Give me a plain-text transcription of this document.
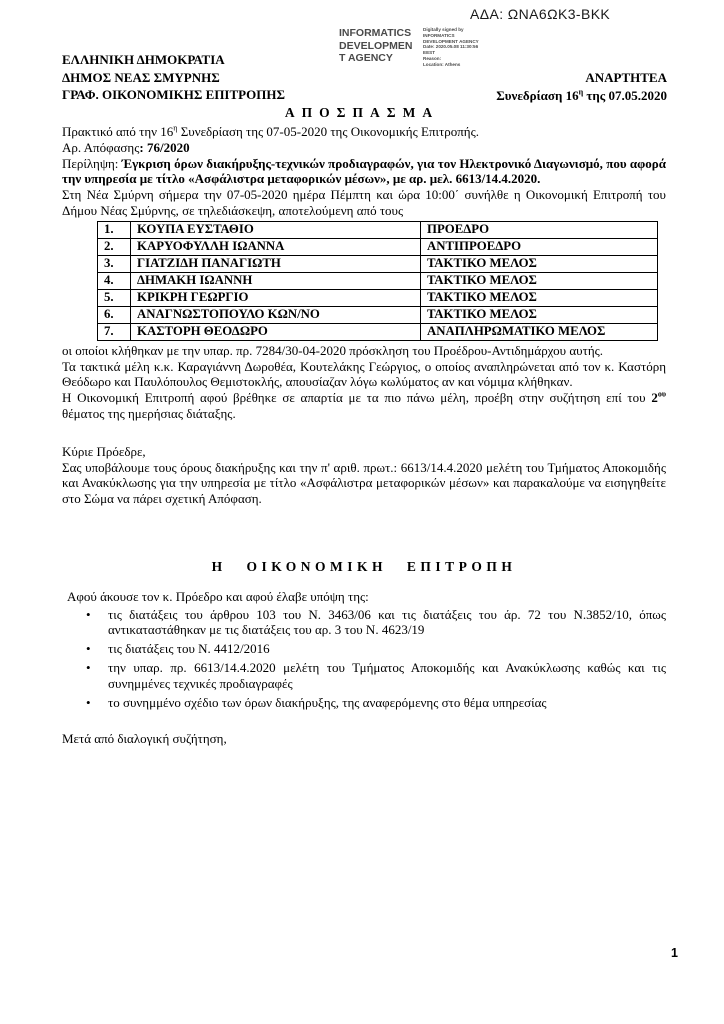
ΑΔΑ: ΩΝΑ6ΩΚ3-ΒΚΚ
INFORMATICS
DEVELOPMEN
T AGENCY
Digitally signed by
INFORMATICS
DEVELOPMENT AGENCY
Date: 2020.05.08 11:30:56
EEST
Reason:
Location: Athens
ΕΛΛΗΝΙΚΗ ΔΗΜΟΚΡΑΤΙΑ
ΔΗΜΟΣ ΝΕΑΣ ΣΜΥΡΝΗΣ
ΓΡΑΦ. ΟΙΚΟΝΟΜΙΚΗΣ ΕΠΙΤΡΟΠΗΣ
ΑΝΑΡΤΗΤΕΑ
Συνεδρίαση $16^\eta$ της 07.05.2020
ΑΠΟΣΠΑΣΜΑ

Πρακτικό από την $16^\eta$ Συνεδρίαση της 07-05-2020 της Οικονομικής Επιτροπής.

Αρ. Απόφασης: 76/2020

Περίληψη: Έγκριση όρων διακήρυξης-τεχνικών προδιαγραφών, για τον Ηλεκτρονικό Διαγωνισμό, που αφορά την υπηρεσία με τίτλο «Ασφάλιστρα μεταφορικών μέσων», με αρ. μελ. 6613/14.4.2020.

Στη Νέα Σμύρνη σήμερα την 07-05-2020 ημέρα Πέμπτη και ώρα 10:00΄ συνήλθε η Οικονομική Επιτροπή του Δήμου Νέας Σμύρνης, σε τηλεδιάσκεψη, αποτελούμενη από τους

1.	ΚΟΥΠΑ ΕΥΣΤΑΘΙΟ	ΠΡΟΕΔΡΟ
2.	ΚΑΡΥΟΦΥΛΛΗ ΙΩΑΝΝΑ	ΑΝΤΙΠΡΟΕΔΡΟ
3.	ΓΙΑΤΖΙΔΗ ΠΑΝΑΓΙΩΤΗ	ΤΑΚΤΙΚΟ ΜΕΛΟΣ
4.	ΔΗΜΑΚΗ ΙΩΑΝΝΗ	ΤΑΚΤΙΚΟ ΜΕΛΟΣ
5.	ΚΡΙΚΡΗ ΓΕΩΡΓΙΟ	ΤΑΚΤΙΚΟ ΜΕΛΟΣ
6.	ΑΝΑΓΝΩΣΤΟΠΟΥΛΟ ΚΩΝ/ΝΟ	ΤΑΚΤΙΚΟ ΜΕΛΟΣ
7.	ΚΑΣΤΟΡΗ ΘΕΟΔΩΡΟ	ΑΝΑΠΛΗΡΩΜΑΤΙΚΟ ΜΕΛΟΣ

οι οποίοι κλήθηκαν με την υπαρ. πρ. 7284/30-04-2020 πρόσκληση του Προέδρου-Αντιδημάρχου αυτής.

Τα τακτικά μέλη κ.κ. Καραγιάννη Δωροθέα, Κουτελάκης Γεώργιος, ο οποίος αναπληρώνεται από τον κ. Καστόρη Θεόδωρο και Παυλόπουλος Θεμιστοκλής, απουσίαζαν λόγω κωλύματος αν και νόμιμα κλήθηκαν.

Η Οικονομική Επιτροπή αφού βρέθηκε σε απαρτία με τα πιο πάνω μέλη, προέβη στην συζήτηση επί του $2^{o\upsilon}$ θέματος της ημερήσιας διάταξης.

Κύριε Πρόεδρε,

Σας υποβάλουμε τους όρους διακήρυξης και την π' αριθ. πρωτ.: 6613/14.4.2020 μελέτη του Τμήματος Αποκομιδής και Ανακύκλωσης για την υπηρεσία με τίτλο «Ασφάλιστρα μεταφορικών μέσων» και παρακαλούμε να εισηγηθείτε στο Σώμα να πάρει σχετική Απόφαση.

Η ΟΙΚΟΝΟΜΙΚΗ ΕΠΙΤΡΟΠΗ

Αφού άκουσε τον κ. Πρόεδρο και αφού έλαβε υπόψη της:

• τις διατάξεις του άρθρου 103 του Ν. 3463/06 και τις διατάξεις του άρ. 72 του Ν.3852/10, όπως αντικαταστάθηκαν με τις διατάξεις του αρ. 3 του Ν. 4623/19
• τις διατάξεις του Ν. 4412/2016
• την υπαρ. πρ. 6613/14.4.2020 μελέτη του Τμήματος Αποκομιδής και Ανακύκλωσης καθώς και τις συνημμένες τεχνικές προδιαγραφές
• το συνημμένο σχέδιο των όρων διακήρυξης, της αναφερόμενης στο θέμα υπηρεσίας

Μετά από διαλογική συζήτηση,

1
